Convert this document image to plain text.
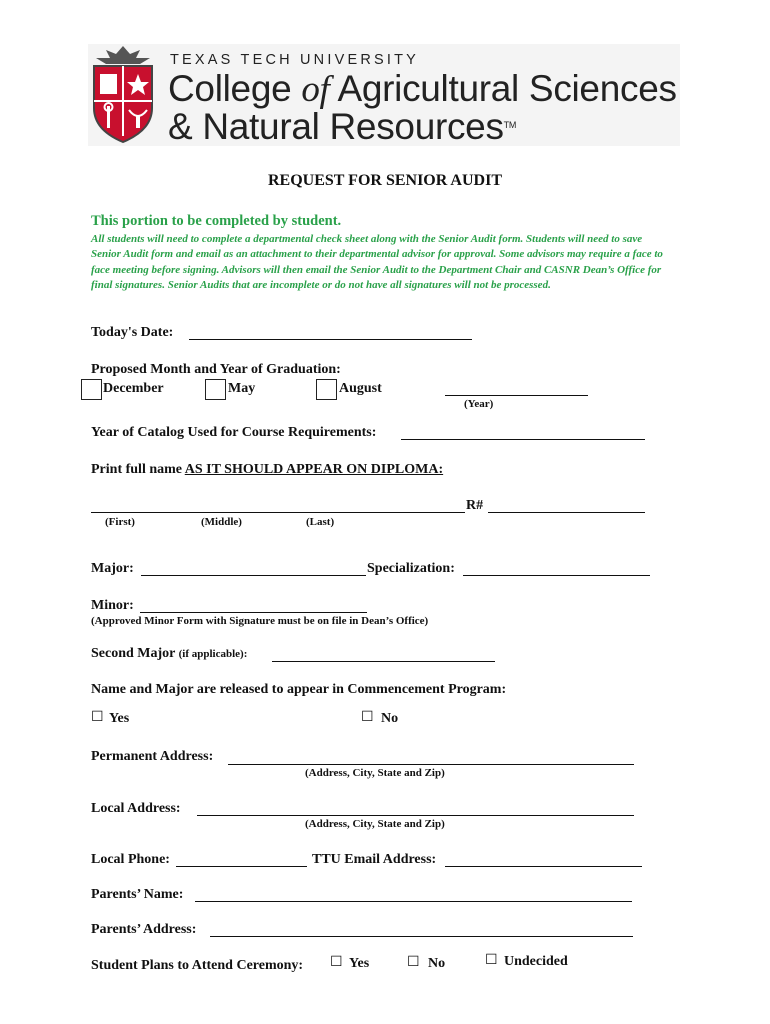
TEXAS TECH UNIVERSITY
College of Agricultural Sciences
& Natural Resources™
REQUEST FOR SENIOR AUDIT
This portion to be completed by student.
All students will need to complete a departmental check sheet along with the Senior Audit form. Students will need to save Senior Audit form and email as an attachment to their departmental advisor for approval. Some advisors may require a face to face meeting before signing. Advisors will then email the Senior Audit to the Department Chair and CASNR Dean’s Office for final signatures. Senior Audits that are incomplete or do not have all signatures will not be processed.
Today's Date:
Proposed Month and Year of Graduation:
December	May	August
(Year)
Year of Catalog Used for Course Requirements:
Print full name AS IT SHOULD APPEAR ON DIPLOMA:
R#
(First)	(Middle)	(Last)
Major:	Specialization:
Minor:
(Approved Minor Form with Signature must be on file in Dean’s Office)
Second Major (if applicable):
Name and Major are released to appear in Commencement Program:
☐ Yes	☐ No
Permanent Address:
(Address, City, State and Zip)
Local Address:
(Address, City, State and Zip)
Local Phone:	TTU Email Address:
Parents’ Name:
Parents’ Address:
Student Plans to Attend Ceremony: ☐ Yes	☐ No	☐ Undecided
